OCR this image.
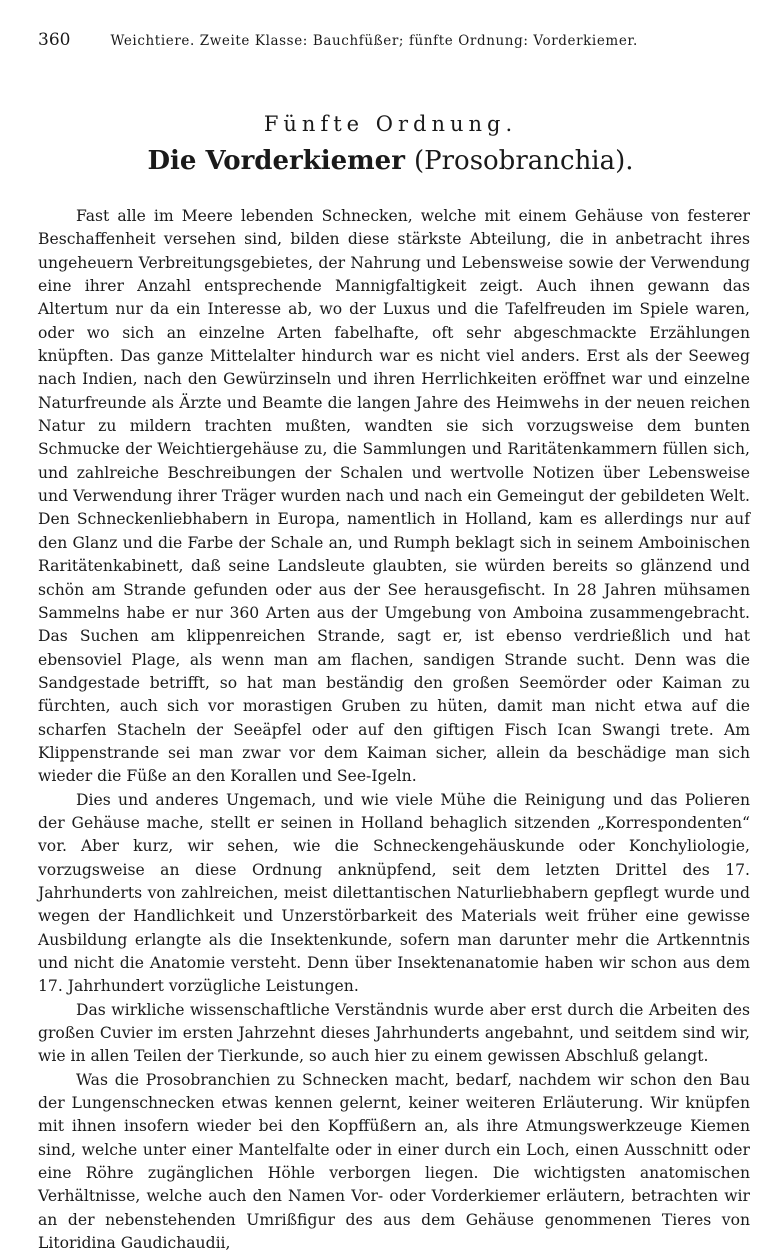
360	Weichtiere. Zweite Klasse: Bauchfüßer; fünfte Ordnung: Vorderkiemer.
Fünfte Ordnung.
Die Vorderkiemer (Prosobranchia).

Fast alle im Meere lebenden Schnecken, welche mit einem Gehäuse von festerer Beschaffenheit versehen sind, bilden diese stärkste Abteilung, die in anbetracht ihres ungeheuern Verbreitungsgebietes, der Nahrung und Lebensweise sowie der Verwendung eine ihrer Anzahl entsprechende Mannigfaltigkeit zeigt. Auch ihnen gewann das Altertum nur da ein Interesse ab, wo der Luxus und die Tafelfreuden im Spiele waren, oder wo sich an einzelne Arten fabelhafte, oft sehr abgeschmackte Erzählungen knüpften. Das ganze Mittelalter hindurch war es nicht viel anders. Erst als der Seeweg nach Indien, nach den Gewürzinseln und ihren Herrlichkeiten eröffnet war und einzelne Naturfreunde als Ärzte und Beamte die langen Jahre des Heimwehs in der neuen reichen Natur zu mildern trachten mußten, wandten sie sich vorzugsweise dem bunten Schmucke der Weichtiergehäuse zu, die Sammlungen und Raritätenkammern füllen sich, und zahlreiche Beschreibungen der Schalen und wertvolle Notizen über Lebensweise und Verwendung ihrer Träger wurden nach und nach ein Gemeingut der gebildeten Welt. Den Schneckenliebhabern in Europa, namentlich in Holland, kam es allerdings nur auf den Glanz und die Farbe der Schale an, und Rumph beklagt sich in seinem Amboinischen Raritätenkabinett, daß seine Landsleute glaubten, sie würden bereits so glänzend und schön am Strande gefunden oder aus der See herausgefischt. In 28 Jahren mühsamen Sammelns habe er nur 360 Arten aus der Umgebung von Amboina zusammengebracht. Das Suchen am klippenreichen Strande, sagt er, ist ebenso verdrießlich und hat ebensoviel Plage, als wenn man am flachen, sandigen Strande sucht. Denn was die Sandgestade betrifft, so hat man beständig den großen Seemörder oder Kaiman zu fürchten, auch sich vor morastigen Gruben zu hüten, damit man nicht etwa auf die scharfen Stacheln der Seeäpfel oder auf den giftigen Fisch Ican Swangi trete. Am Klippenstrande sei man zwar vor dem Kaiman sicher, allein da beschädige man sich wieder die Füße an den Korallen und See-Igeln.

Dies und anderes Ungemach, und wie viele Mühe die Reinigung und das Polieren der Gehäuse mache, stellt er seinen in Holland behaglich sitzenden „Korrespondenten“ vor. Aber kurz, wir sehen, wie die Schneckengehäuskunde oder Konchyliologie, vorzugsweise an diese Ordnung anknüpfend, seit dem letzten Drittel des 17. Jahrhunderts von zahlreichen, meist dilettantischen Naturliebhabern gepflegt wurde und wegen der Handlichkeit und Unzerstörbarkeit des Materials weit früher eine gewisse Ausbildung erlangte als die Insektenkunde, sofern man darunter mehr die Artkenntnis und nicht die Anatomie versteht. Denn über Insektenanatomie haben wir schon aus dem 17. Jahrhundert vorzügliche Leistungen.

Das wirkliche wissenschaftliche Verständnis wurde aber erst durch die Arbeiten des großen Cuvier im ersten Jahrzehnt dieses Jahrhunderts angebahnt, und seitdem sind wir, wie in allen Teilen der Tierkunde, so auch hier zu einem gewissen Abschluß gelangt.

Was die Prosobranchien zu Schnecken macht, bedarf, nachdem wir schon den Bau der Lungenschnecken etwas kennen gelernt, keiner weiteren Erläuterung. Wir knüpfen mit ihnen insofern wieder bei den Kopffüßern an, als ihre Atmungswerkzeuge Kiemen sind, welche unter einer Mantelfalte oder in einer durch ein Loch, einen Ausschnitt oder eine Röhre zugänglichen Höhle verborgen liegen. Die wichtigsten anatomischen Verhältnisse, welche auch den Namen Vor- oder Vorderkiemer erläutern, betrachten wir an der nebenstehenden Umrißfigur des aus dem Gehäuse genommenen Tieres von Litoridina Gaudichaudii,
